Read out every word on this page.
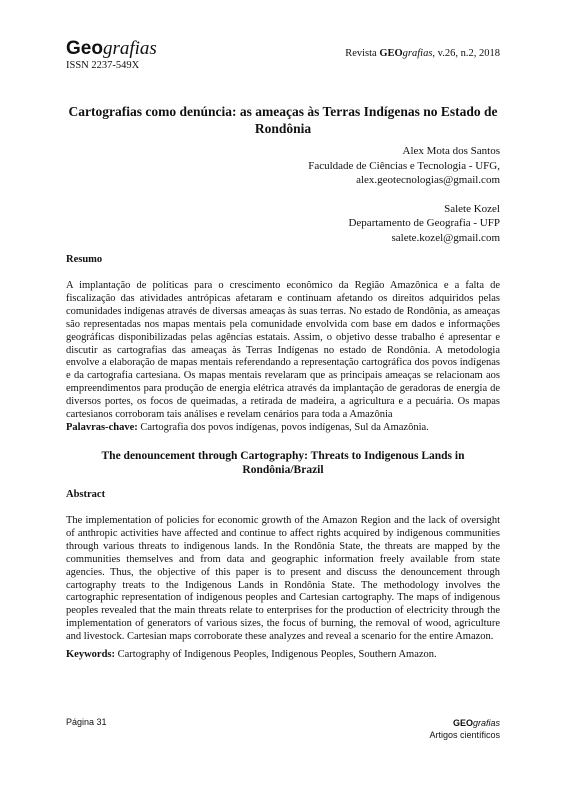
Geografias
ISSN 2237-549X
Revista GEOgrafias, v.26, n.2, 2018
Cartografias como denúncia: as ameaças às Terras Indígenas no Estado de Rondônia
Alex Mota dos Santos
Faculdade de Ciências e Tecnologia - UFG,
alex.geotecnologias@gmail.com
Salete Kozel
Departamento de Geografia - UFP
salete.kozel@gmail.com
Resumo
A implantação de políticas para o crescimento econômico da Região Amazônica e a falta de fiscalização das atividades antrópicas afetaram e continuam afetando os direitos adquiridos pelas comunidades indígenas através de diversas ameaças às suas terras. No estado de Rondônia, as ameaças são representadas nos mapas mentais pela comunidade envolvida com base em dados e informações geográficas disponibilizadas pelas agências estatais. Assim, o objetivo desse trabalho é apresentar e discutir as cartografias das ameaças às Terras Indígenas no estado de Rondônia. A metodologia envolve a elaboração de mapas mentais referendando a representação cartográfica dos povos indígenas e da cartografia cartesiana. Os mapas mentais revelaram que as principais ameaças se relacionam aos empreendimentos para produção de energia elétrica através da implantação de geradoras de energia de diversos portes, os focos de queimadas, a retirada de madeira, a agricultura e a pecuária. Os mapas cartesianos corroboram tais análises e revelam cenários para toda a Amazônia
Palavras-chave: Cartografia dos povos indígenas, povos indígenas, Sul da Amazônia.
The denouncement through Cartography: Threats to Indigenous Lands in Rondônia/Brazil
Abstract
The implementation of policies for economic growth of the Amazon Region and the lack of oversight of anthropic activities have affected and continue to affect rights acquired by indigenous communities through various threats to indigenous lands. In the Rondônia State, the threats are mapped by the communities themselves and from data and geographic information freely available from state agencies. Thus, the objective of this paper is to present and discuss the denouncement through cartography treats to the Indigenous Lands in Rondônia State. The methodology involves the cartographic representation of indigenous peoples and Cartesian cartography. The maps of indigenous peoples revealed that the main threats relate to enterprises for the production of electricity through the implementation of generators of various sizes, the focus of burning, the removal of wood, agriculture and livestock. Cartesian maps corroborate these analyzes and reveal a scenario for the entire Amazon.
Keywords: Cartography of Indigenous Peoples, Indigenous Peoples, Southern Amazon.
Página 31	GEOgrafias
Artigos científicos
